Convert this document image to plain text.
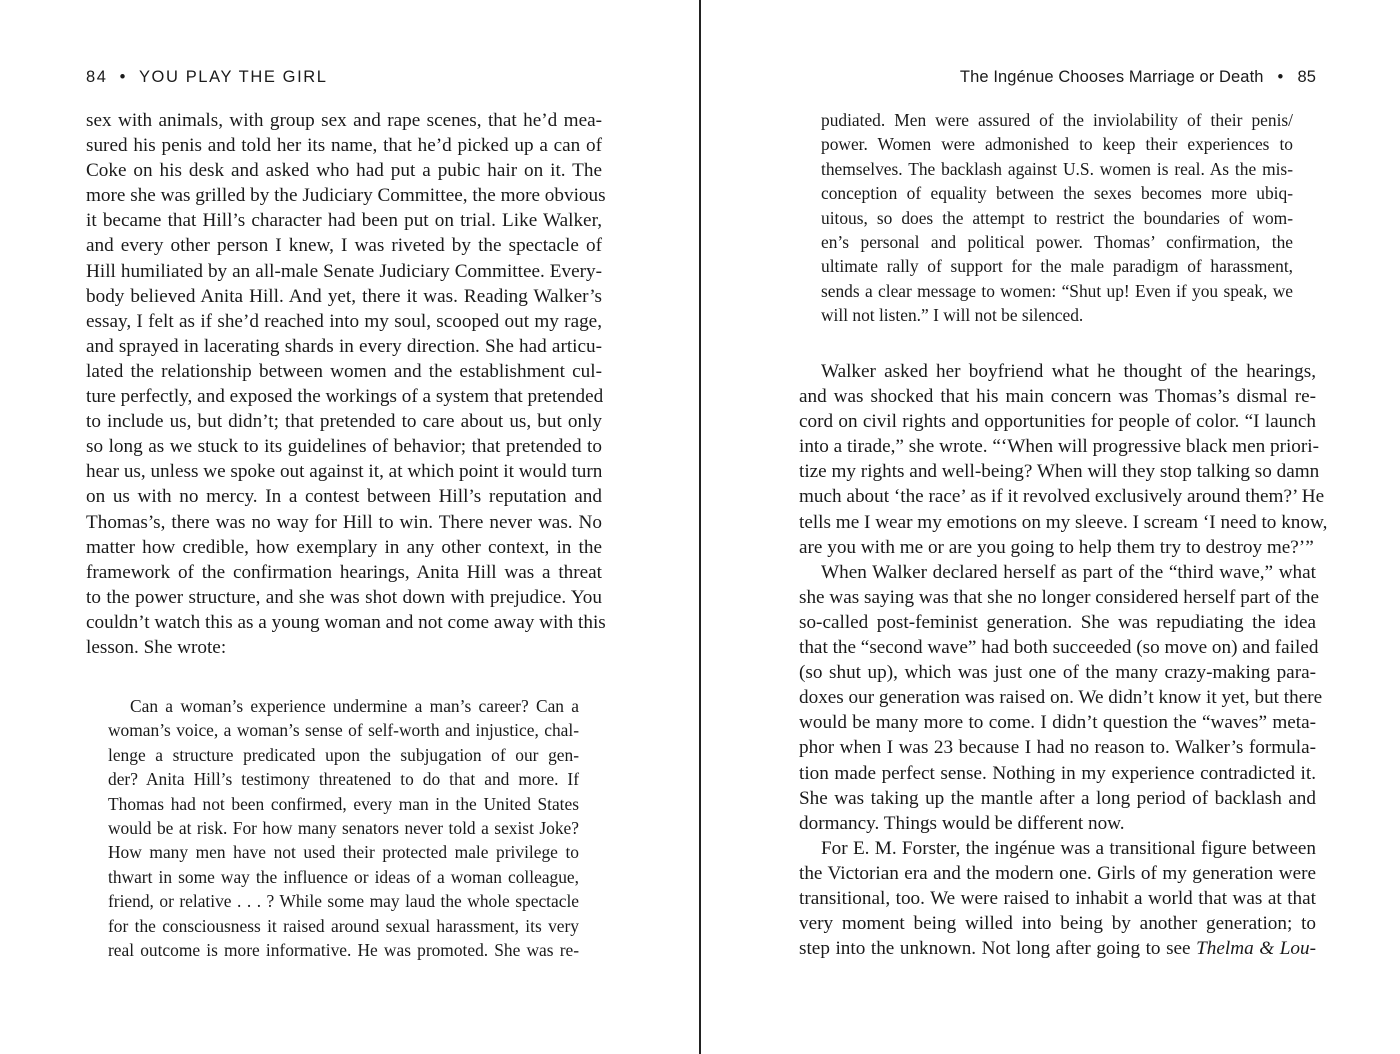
84 • YOU PLAY THE GIRL
sex with animals, with group sex and rape scenes, that he’d mea-
sured his penis and told her its name, that he’d picked up a can of
Coke on his desk and asked who had put a pubic hair on it. The
more she was grilled by the Judiciary Committee, the more obvious
it became that Hill’s character had been put on trial. Like Walker,
and every other person I knew, I was riveted by the spectacle of
Hill humiliated by an all-male Senate Judiciary Committee. Every-
body believed Anita Hill. And yet, there it was. Reading Walker’s
essay, I felt as if she’d reached into my soul, scooped out my rage,
and sprayed in lacerating shards in every direction. She had articu-
lated the relationship between women and the establishment cul-
ture perfectly, and exposed the workings of a system that pretended
to include us, but didn’t; that pretended to care about us, but only
so long as we stuck to its guidelines of behavior; that pretended to
hear us, unless we spoke out against it, at which point it would turn
on us with no mercy. In a contest between Hill’s reputation and
Thomas’s, there was no way for Hill to win. There never was. No
matter how credible, how exemplary in any other context, in the
framework of the confirmation hearings, Anita Hill was a threat
to the power structure, and she was shot down with prejudice. You
couldn’t watch this as a young woman and not come away with this
lesson. She wrote:
Can a woman’s experience undermine a man’s career? Can a
woman’s voice, a woman’s sense of self-worth and injustice, chal-
lenge a structure predicated upon the subjugation of our gen-
der? Anita Hill’s testimony threatened to do that and more. If
Thomas had not been confirmed, every man in the United States
would be at risk. For how many senators never told a sexist Joke?
How many men have not used their protected male privilege to
thwart in some way the influence or ideas of a woman colleague,
friend, or relative . . . ? While some may laud the whole spectacle
for the consciousness it raised around sexual harassment, its very
real outcome is more informative. He was promoted. She was re-
The Ingénue Chooses Marriage or Death • 85
pudiated. Men were assured of the inviolability of their penis/
power. Women were admonished to keep their experiences to
themselves. The backlash against U.S. women is real. As the mis-
conception of equality between the sexes becomes more ubiq-
uitous, so does the attempt to restrict the boundaries of wom-
en’s personal and political power. Thomas’ confirmation, the
ultimate rally of support for the male paradigm of harassment,
sends a clear message to women: “Shut up! Even if you speak, we
will not listen.” I will not be silenced.
Walker asked her boyfriend what he thought of the hearings,
and was shocked that his main concern was Thomas’s dismal re-
cord on civil rights and opportunities for people of color. “I launch
into a tirade,” she wrote. “‘When will progressive black men priori-
tize my rights and well-being? When will they stop talking so damn
much about ‘the race’ as if it revolved exclusively around them?’ He
tells me I wear my emotions on my sleeve. I scream ‘I need to know,
are you with me or are you going to help them try to destroy me?’”
When Walker declared herself as part of the “third wave,” what
she was saying was that she no longer considered herself part of the
so-called post-feminist generation. She was repudiating the idea
that the “second wave” had both succeeded (so move on) and failed
(so shut up), which was just one of the many crazy-making para-
doxes our generation was raised on. We didn’t know it yet, but there
would be many more to come. I didn’t question the “waves” meta-
phor when I was 23 because I had no reason to. Walker’s formula-
tion made perfect sense. Nothing in my experience contradicted it.
She was taking up the mantle after a long period of backlash and
dormancy. Things would be different now.
For E. M. Forster, the ingénue was a transitional figure between
the Victorian era and the modern one. Girls of my generation were
transitional, too. We were raised to inhabit a world that was at that
very moment being willed into being by another generation; to
step into the unknown. Not long after going to see Thelma & Lou-
